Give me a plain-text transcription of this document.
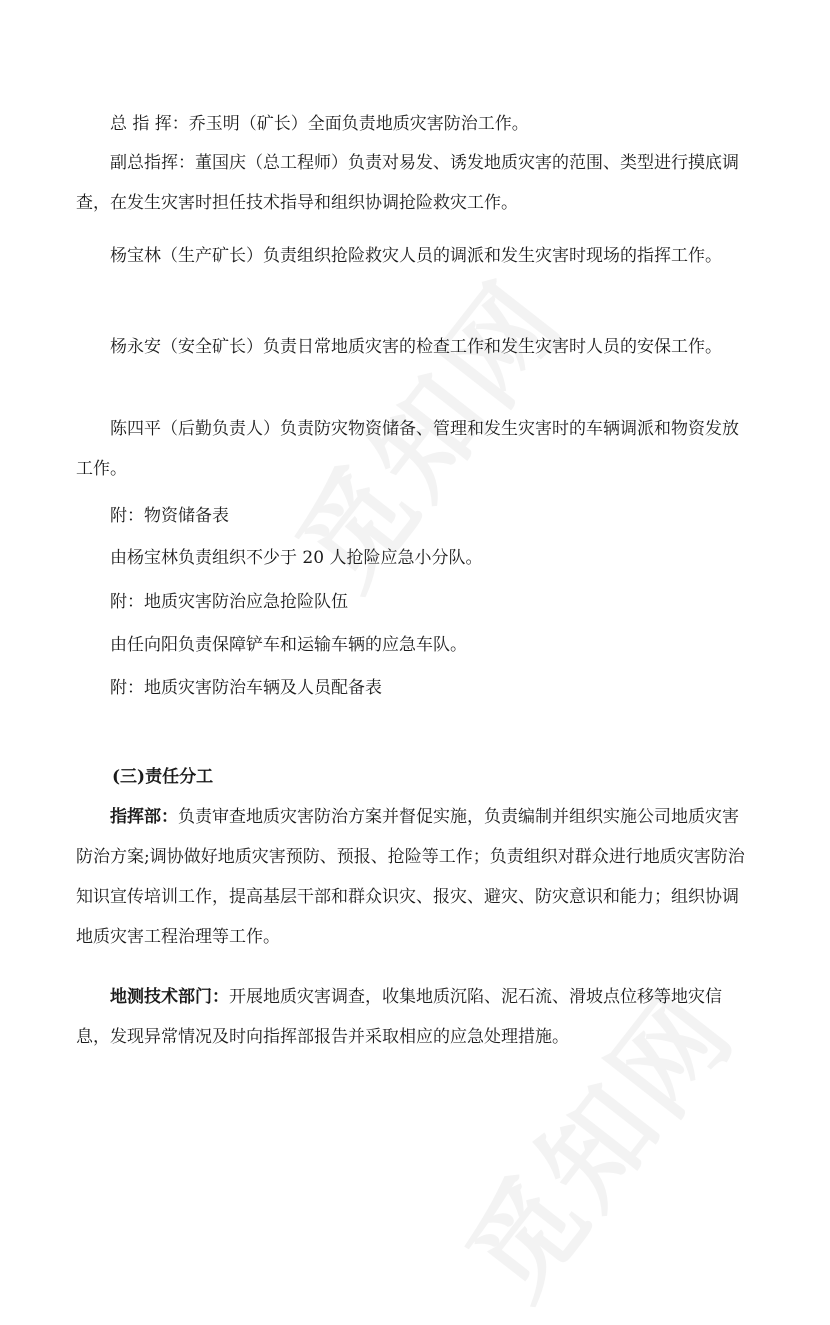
总 指 挥：乔玉明（矿长）全面负责地质灾害防治工作。

副总指挥：董国庆（总工程师）负责对易发、诱发地质灾害的范围、类型进行摸底调查，在发生灾害时担任技术指导和组织协调抢险救灾工作。

杨宝林（生产矿长）负责组织抢险救灾人员的调派和发生灾害时现场的指挥工作。

杨永安（安全矿长）负责日常地质灾害的检查工作和发生灾害时人员的安保工作。

陈四平（后勤负责人）负责防灾物资储备、管理和发生灾害时的车辆调派和物资发放工作。

附：物资储备表

由杨宝林负责组织不少于 20 人抢险应急小分队。

附：地质灾害防治应急抢险队伍

由任向阳负责保障铲车和运输车辆的应急车队。

附：地质灾害防治车辆及人员配备表

(三)责任分工

指挥部：负责审查地质灾害防治方案并督促实施，负责编制并组织实施公司地质灾害防治方案;调协做好地质灾害预防、预报、抢险等工作；负责组织对群众进行地质灾害防治知识宣传培训工作，提高基层干部和群众识灾、报灾、避灾、防灾意识和能力；组织协调地质灾害工程治理等工作。

地测技术部门：开展地质灾害调查，收集地质沉陷、泥石流、滑坡点位移等地灾信息，发现异常情况及时向指挥部报告并采取相应的应急处理措施。
